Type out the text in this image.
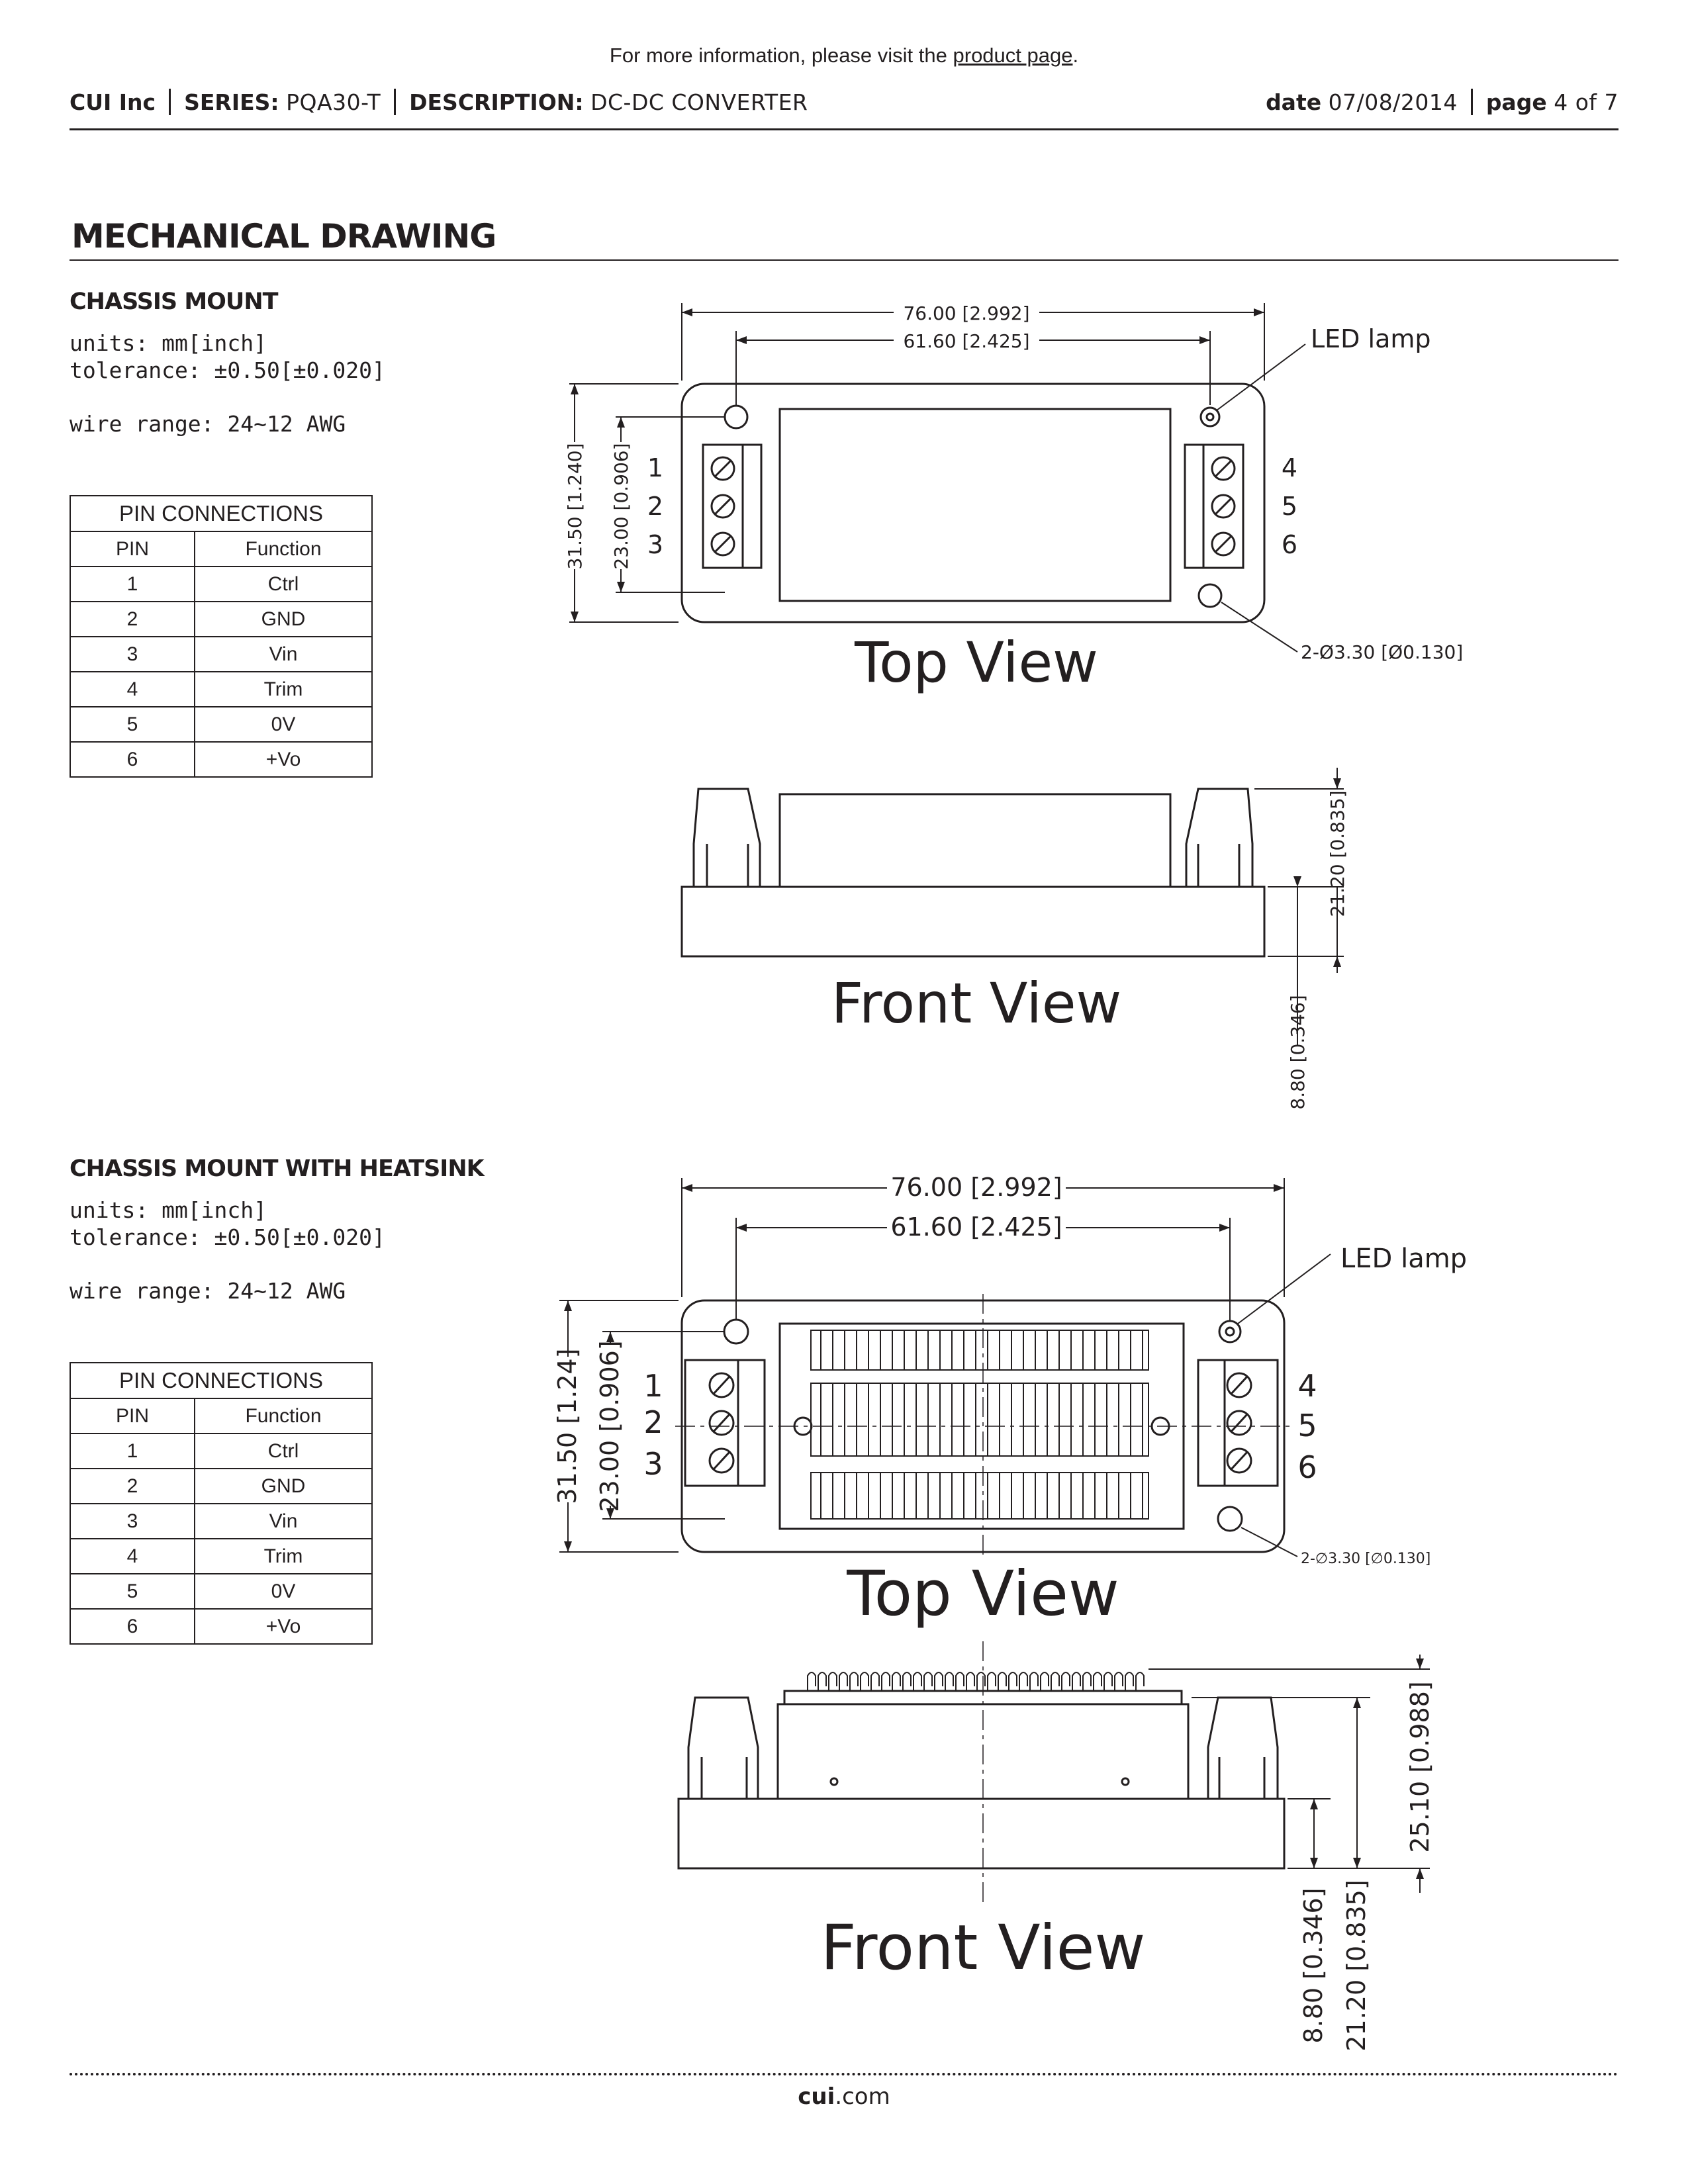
For more information, please visit the product page.
CUI Inc SERIES: PQA30-T DESCRIPTION: DC-DC CONVERTER	date 07/08/2014 page 4 of 7
MECHANICAL DRAWING
CHASSIS MOUNT
units: mm[inch]
tolerance: ±0.50[±0.020]
wire range: 24~12 AWG
PIN CONNECTIONS	
PIN	Function
1	Ctrl
2	GND
3	Vin
4	Trim
5	0V
6	+Vo
CHASSIS MOUNT WITH HEATSINK
units: mm[inch]
tolerance: ±0.50[±0.020]
wire range: 24~12 AWG
PIN CONNECTIONS	
PIN	Function
1	Ctrl
2	GND
3	Vin
4	Trim
5	0V
6	+Vo
76.00 [2.992]
61.60 [2.425]
31.50 [1.240] 23.00 [0.906]
LED lamp
2-Ø3.30 [Ø0.130]
1
2
3
4
5
6
Top View
21.20 [0.835]
8.80 [0.346]
Front View
76.00 [2.992]
61.60 [2.425]
31.50 [1.24] 23.00 [0.906]
LED lamp
2-∅3.30 [∅0.130]
1
2
3
4
5
6
Top View
25.10 [0.988]
21.20 [0.835]
8.80 [0.346]
Front View
cui.com
